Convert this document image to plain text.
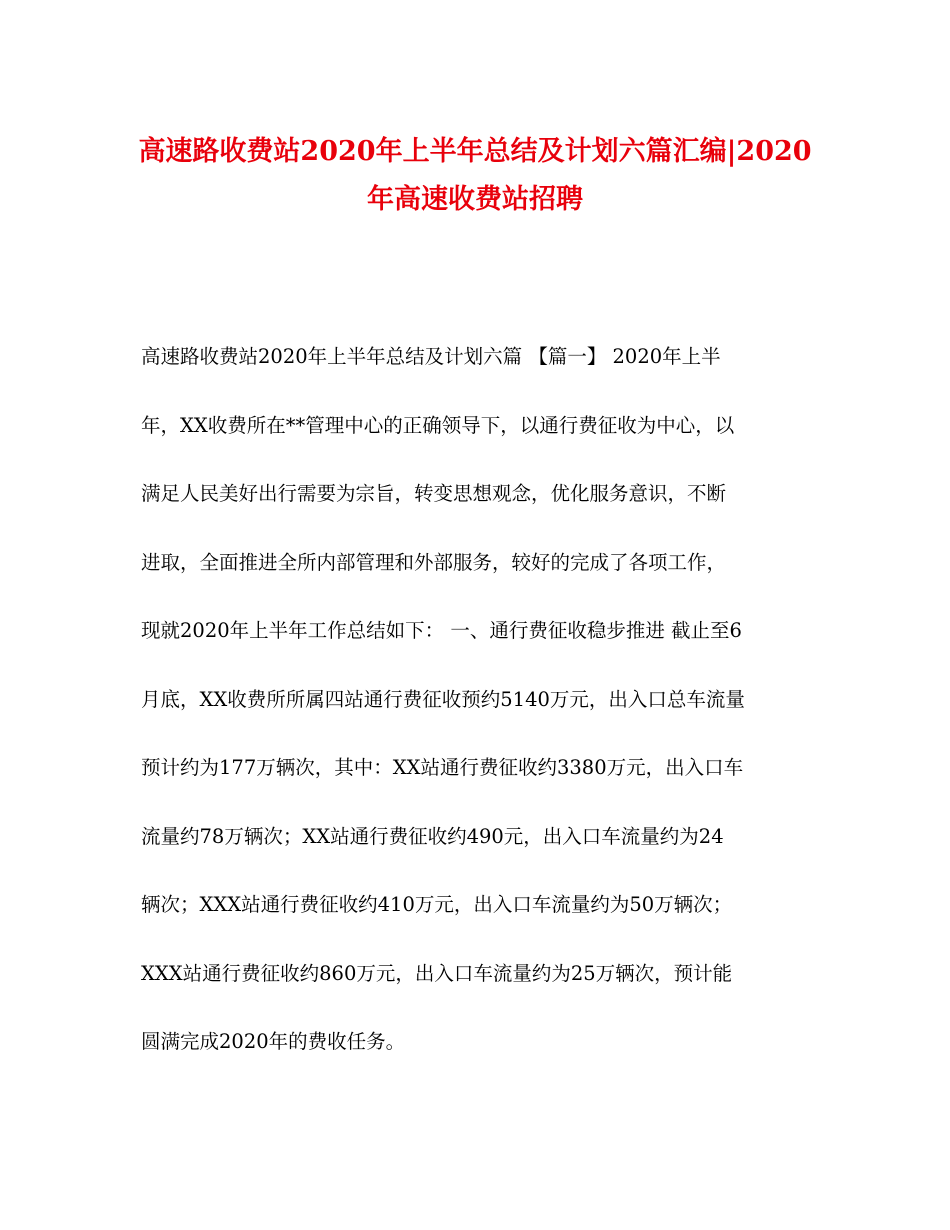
高速路收费站2020年上半年总结及计划六篇汇编|2020
年高速收费站招聘
高速路收费站2020年上半年总结及计划六篇 【篇一】 2020年上半
年，XX收费所在**管理中心的正确领导下，以通行费征收为中心，以
满足人民美好出行需要为宗旨，转变思想观念，优化服务意识，不断
进取，全面推进全所内部管理和外部服务，较好的完成了各项工作，
现就2020年上半年工作总结如下： 一、通行费征收稳步推进 截止至6
月底，XX收费所所属四站通行费征收预约5140万元，出入口总车流量
预计约为177万辆次，其中：XX站通行费征收约3380万元，出入口车
流量约78万辆次；XX站通行费征收约490元，出入口车流量约为24
辆次；XXX站通行费征收约410万元，出入口车流量约为50万辆次；
XXX站通行费征收约860万元，出入口车流量约为25万辆次，预计能
圆满完成2020年的费收任务。
